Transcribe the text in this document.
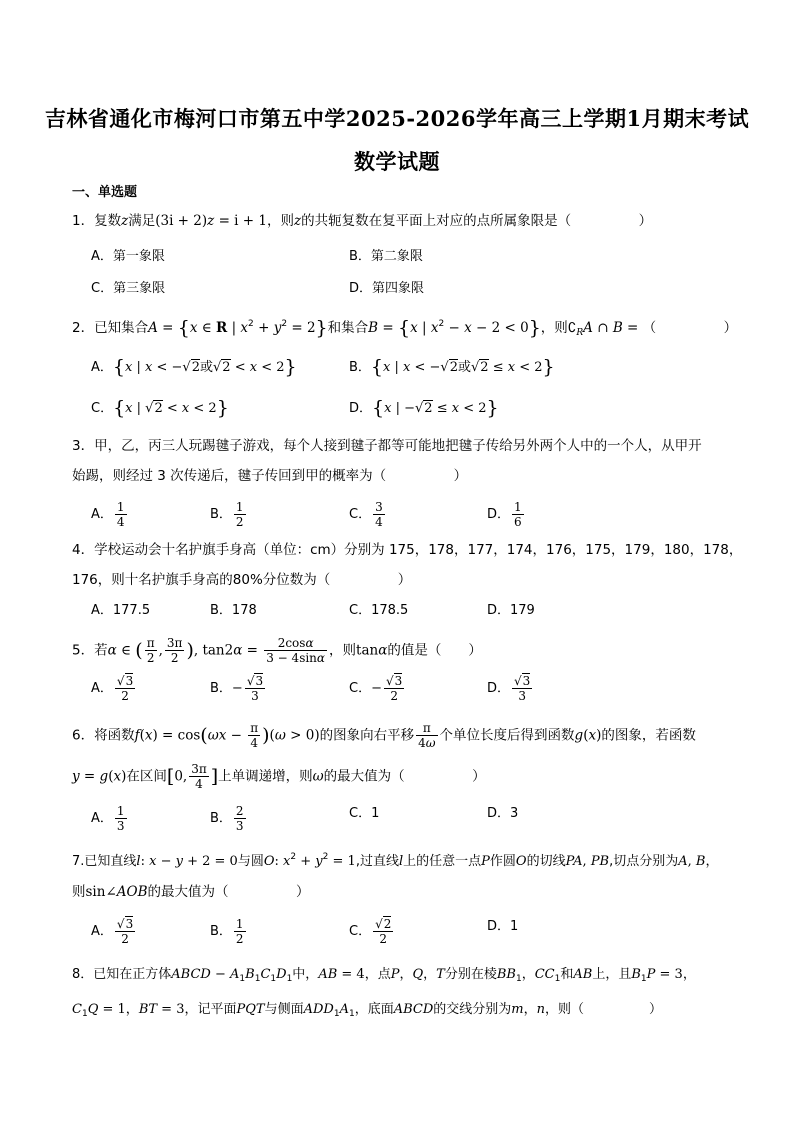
吉林省通化市梅河口市第五中学2025-2026学年高三上学期1月期末考试
数学试题
一、单选题
1．复数z满足(3i + 2)z = i + 1，则z的共轭复数在复平面上对应的点所属象限是（　　　　　）
A．第一象限	B．第二象限
C．第三象限	D．第四象限
2．已知集合A = {x ∈ R | $x^2 + y^2 = 2$}和集合B = {x | $x^2 - x - 2 < 0$}，则$∁_RA$ ∩ B = （　　　　　）
A．{x | x < −√2或√2 < x < 2}	B．{x | x < −√2或√2 ≤ x < 2}
C．{x | √2 < x < 2}	D．{x | −√2 ≤ x < 2}
3．甲，乙，丙三人玩踢毽子游戏，每个人接到毽子都等可能地把毽子传给另外两个人中的一个人，从甲开
始踢，则经过 3 次传递后，毽子传回到甲的概率为（　　　　　）
A． $\frac{1}{4}$	B． $\frac{1}{2}$	C． $\frac{3}{4}$	D． $\frac{1}{6}$
4．学校运动会十名护旗手身高（单位：cm）分别为 175，178，177，174，176，175，179，180，178，
176，则十名护旗手身高的80%分位数为（　　　　　）
A．177.5	B．178	C．178.5	D．179
5．若α ∈ ( $\frac{\pi}{2}$ , $\frac{3\pi}{2}$ ), $\tan 2\alpha = \frac{2\cos\alpha}{3 - 4\sin\alpha}$ ，则tanα的值是（　　）
A． $\frac{√3}{2}$	B．− $\frac{√3}{3}$	C．− $\frac{√3}{2}$	D． $\frac{√3}{3}$
6．将函数$f(x) = \cos(\omega x - \frac{\pi}{4} )(\omega > 0)$的图象向右平移 $\frac{\pi}{4\omega}$ 个单位长度后得到函数g(x)的图象，若函数
y = g(x)在区间[0, $\frac{3\pi}{4}$ ]上单调递增，则ω的最大值为（　　　　　）
A． $\frac{1}{3}$	B． $\frac{2}{3}$	C．1	D．3
7.已知直线l: x − y + 2 = 0与圆O: $x^2 + y^2 = 1$,过直线l上的任意一点P作圆O的切线PA, PB,切点分别为A, B，
则sin∠AOB的最大值为（　　　　　）
A． $\frac{√3}{2}$	B． $\frac{1}{2}$	C． $\frac{√2}{2}$	D．1
8．已知在正方体ABCD − $A_1B_1C_1D_1$中，AB = 4，点P，Q，T分别在棱$BB_1$，$CC_1$和AB上，且$B_1P = 3$，
$C_1Q = 1$，BT = 3，记平面PQT与侧面$ADD_1A_1$，底面ABCD的交线分别为m，n，则（　　　　　）
